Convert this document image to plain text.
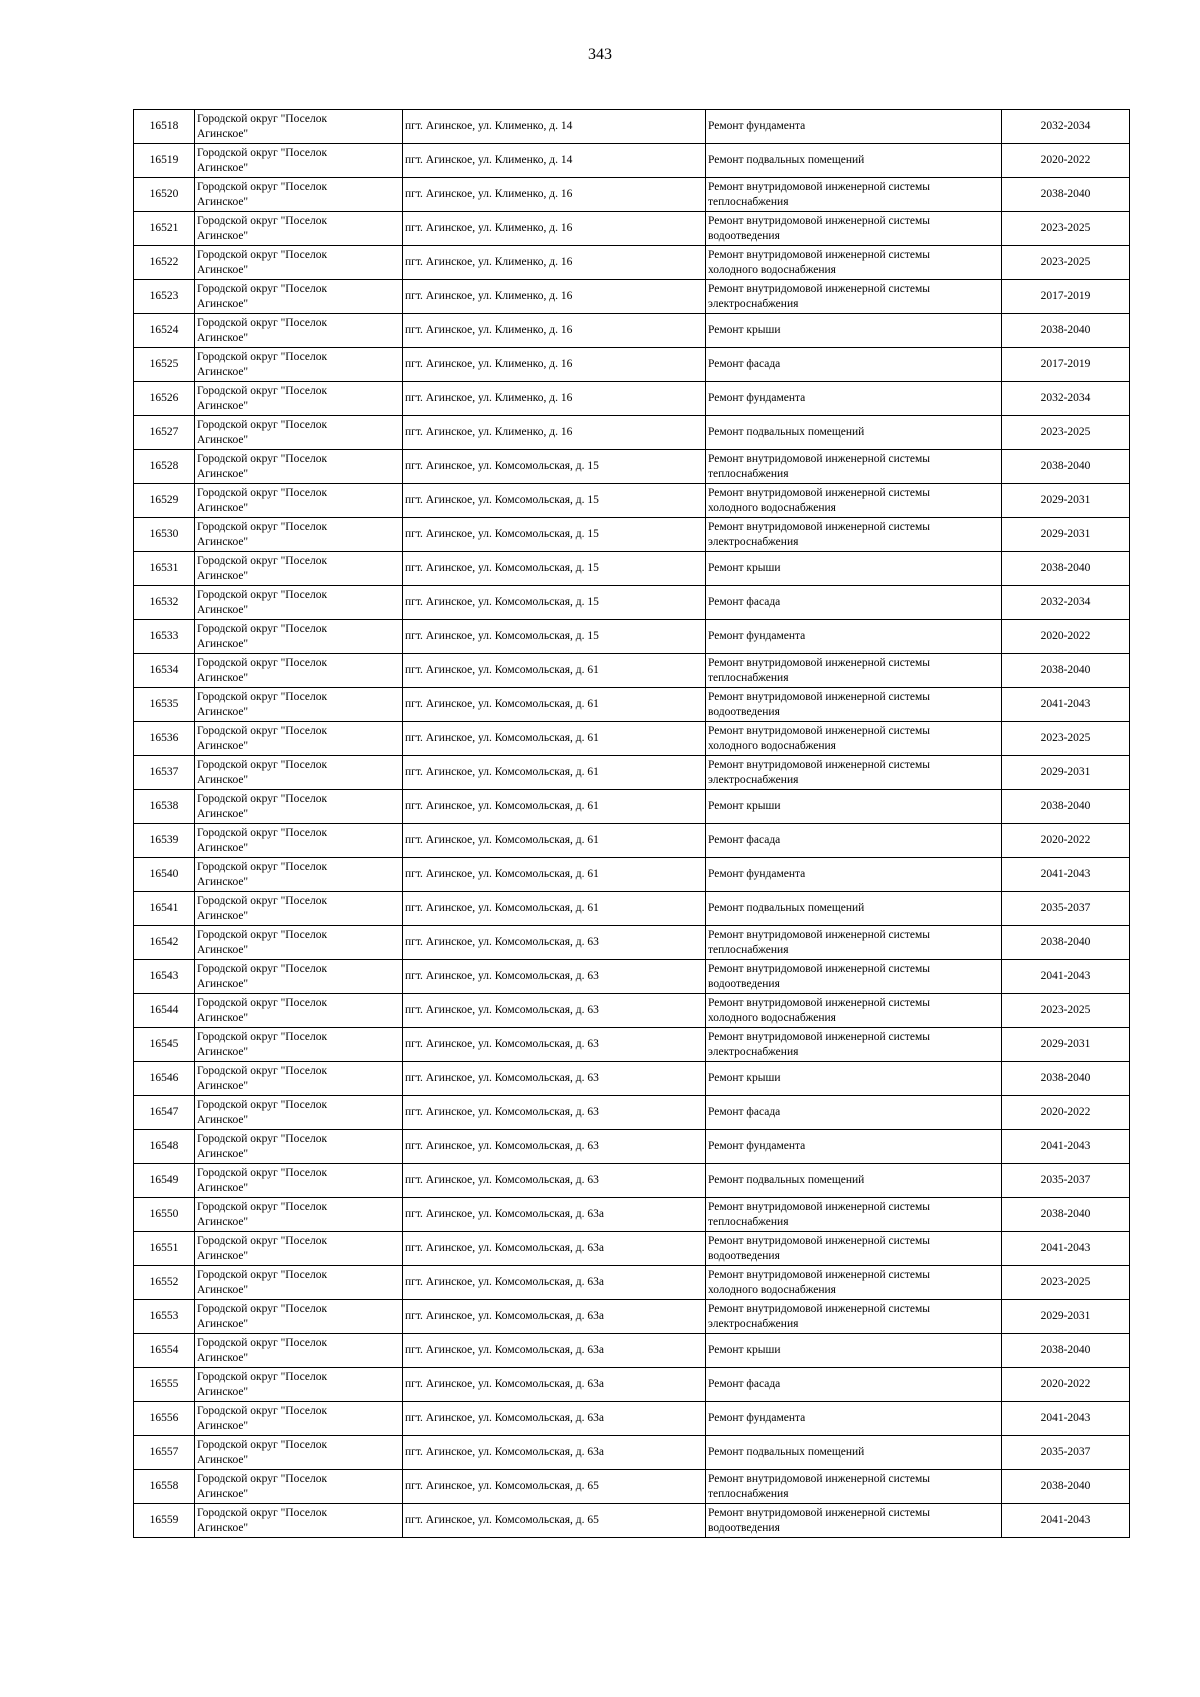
343
16518	Городской округ "Поселок
Агинское"	пгт. Агинское, ул. Клименко, д. 14	Ремонт фундамента	2032-2034
16519	Городской округ "Поселок
Агинское"	пгт. Агинское, ул. Клименко, д. 14	Ремонт подвальных помещений	2020-2022
16520	Городской округ "Поселок
Агинское"	пгт. Агинское, ул. Клименко, д. 16	Ремонт внутридомовой инженерной системы
теплоснабжения	2038-2040
16521	Городской округ "Поселок
Агинское"	пгт. Агинское, ул. Клименко, д. 16	Ремонт внутридомовой инженерной системы
водоотведения	2023-2025
16522	Городской округ "Поселок
Агинское"	пгт. Агинское, ул. Клименко, д. 16	Ремонт внутридомовой инженерной системы
холодного водоснабжения	2023-2025
16523	Городской округ "Поселок
Агинское"	пгт. Агинское, ул. Клименко, д. 16	Ремонт внутридомовой инженерной системы
электроснабжения	2017-2019
16524	Городской округ "Поселок
Агинское"	пгт. Агинское, ул. Клименко, д. 16	Ремонт крыши	2038-2040
16525	Городской округ "Поселок
Агинское"	пгт. Агинское, ул. Клименко, д. 16	Ремонт фасада	2017-2019
16526	Городской округ "Поселок
Агинское"	пгт. Агинское, ул. Клименко, д. 16	Ремонт фундамента	2032-2034
16527	Городской округ "Поселок
Агинское"	пгт. Агинское, ул. Клименко, д. 16	Ремонт подвальных помещений	2023-2025
16528	Городской округ "Поселок
Агинское"	пгт. Агинское, ул. Комсомольская, д. 15	Ремонт внутридомовой инженерной системы
теплоснабжения	2038-2040
16529	Городской округ "Поселок
Агинское"	пгт. Агинское, ул. Комсомольская, д. 15	Ремонт внутридомовой инженерной системы
холодного водоснабжения	2029-2031
16530	Городской округ "Поселок
Агинское"	пгт. Агинское, ул. Комсомольская, д. 15	Ремонт внутридомовой инженерной системы
электроснабжения	2029-2031
16531	Городской округ "Поселок
Агинское"	пгт. Агинское, ул. Комсомольская, д. 15	Ремонт крыши	2038-2040
16532	Городской округ "Поселок
Агинское"	пгт. Агинское, ул. Комсомольская, д. 15	Ремонт фасада	2032-2034
16533	Городской округ "Поселок
Агинское"	пгт. Агинское, ул. Комсомольская, д. 15	Ремонт фундамента	2020-2022
16534	Городской округ "Поселок
Агинское"	пгт. Агинское, ул. Комсомольская, д. 61	Ремонт внутридомовой инженерной системы
теплоснабжения	2038-2040
16535	Городской округ "Поселок
Агинское"	пгт. Агинское, ул. Комсомольская, д. 61	Ремонт внутридомовой инженерной системы
водоотведения	2041-2043
16536	Городской округ "Поселок
Агинское"	пгт. Агинское, ул. Комсомольская, д. 61	Ремонт внутридомовой инженерной системы
холодного водоснабжения	2023-2025
16537	Городской округ "Поселок
Агинское"	пгт. Агинское, ул. Комсомольская, д. 61	Ремонт внутридомовой инженерной системы
электроснабжения	2029-2031
16538	Городской округ "Поселок
Агинское"	пгт. Агинское, ул. Комсомольская, д. 61	Ремонт крыши	2038-2040
16539	Городской округ "Поселок
Агинское"	пгт. Агинское, ул. Комсомольская, д. 61	Ремонт фасада	2020-2022
16540	Городской округ "Поселок
Агинское"	пгт. Агинское, ул. Комсомольская, д. 61	Ремонт фундамента	2041-2043
16541	Городской округ "Поселок
Агинское"	пгт. Агинское, ул. Комсомольская, д. 61	Ремонт подвальных помещений	2035-2037
16542	Городской округ "Поселок
Агинское"	пгт. Агинское, ул. Комсомольская, д. 63	Ремонт внутридомовой инженерной системы
теплоснабжения	2038-2040
16543	Городской округ "Поселок
Агинское"	пгт. Агинское, ул. Комсомольская, д. 63	Ремонт внутридомовой инженерной системы
водоотведения	2041-2043
16544	Городской округ "Поселок
Агинское"	пгт. Агинское, ул. Комсомольская, д. 63	Ремонт внутридомовой инженерной системы
холодного водоснабжения	2023-2025
16545	Городской округ "Поселок
Агинское"	пгт. Агинское, ул. Комсомольская, д. 63	Ремонт внутридомовой инженерной системы
электроснабжения	2029-2031
16546	Городской округ "Поселок
Агинское"	пгт. Агинское, ул. Комсомольская, д. 63	Ремонт крыши	2038-2040
16547	Городской округ "Поселок
Агинское"	пгт. Агинское, ул. Комсомольская, д. 63	Ремонт фасада	2020-2022
16548	Городской округ "Поселок
Агинское"	пгт. Агинское, ул. Комсомольская, д. 63	Ремонт фундамента	2041-2043
16549	Городской округ "Поселок
Агинское"	пгт. Агинское, ул. Комсомольская, д. 63	Ремонт подвальных помещений	2035-2037
16550	Городской округ "Поселок
Агинское"	пгт. Агинское, ул. Комсомольская, д. 63а	Ремонт внутридомовой инженерной системы
теплоснабжения	2038-2040
16551	Городской округ "Поселок
Агинское"	пгт. Агинское, ул. Комсомольская, д. 63а	Ремонт внутридомовой инженерной системы
водоотведения	2041-2043
16552	Городской округ "Поселок
Агинское"	пгт. Агинское, ул. Комсомольская, д. 63а	Ремонт внутридомовой инженерной системы
холодного водоснабжения	2023-2025
16553	Городской округ "Поселок
Агинское"	пгт. Агинское, ул. Комсомольская, д. 63а	Ремонт внутридомовой инженерной системы
электроснабжения	2029-2031
16554	Городской округ "Поселок
Агинское"	пгт. Агинское, ул. Комсомольская, д. 63а	Ремонт крыши	2038-2040
16555	Городской округ "Поселок
Агинское"	пгт. Агинское, ул. Комсомольская, д. 63а	Ремонт фасада	2020-2022
16556	Городской округ "Поселок
Агинское"	пгт. Агинское, ул. Комсомольская, д. 63а	Ремонт фундамента	2041-2043
16557	Городской округ "Поселок
Агинское"	пгт. Агинское, ул. Комсомольская, д. 63а	Ремонт подвальных помещений	2035-2037
16558	Городской округ "Поселок
Агинское"	пгт. Агинское, ул. Комсомольская, д. 65	Ремонт внутридомовой инженерной системы
теплоснабжения	2038-2040
16559	Городской округ "Поселок
Агинское"	пгт. Агинское, ул. Комсомольская, д. 65	Ремонт внутридомовой инженерной системы
водоотведения	2041-2043
